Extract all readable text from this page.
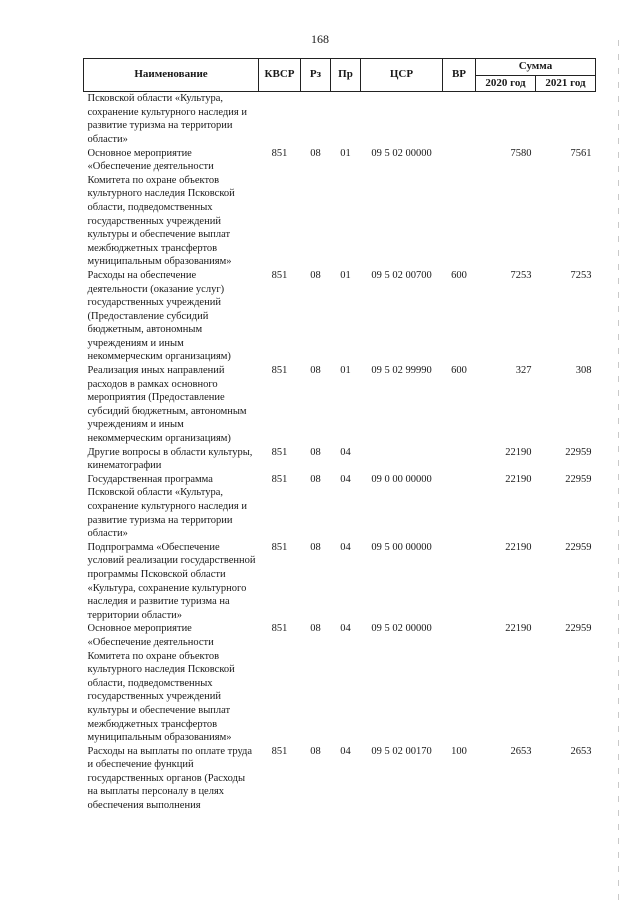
168
Наименование	КВСР	Рз	Пр	ЦСР	ВР	Сумма	
						2020 год	2021 год
Псковской области «Культура, сохранение культурного наследия и развитие туризма на территории области»							
Основное мероприятие «Обеспечение деятельности Комитета по охране объектов культурного наследия Псковской области, подведомственных государственных учреждений культуры и обеспечение выплат межбюджетных трансфертов муниципальным образованиям»	851	08	01	09 5 02 00000		7580	7561
Расходы на обеспечение деятельности (оказание услуг) государственных учреждений (Предоставление субсидий бюджетным, автономным учреждениям и иным некоммерческим организациям)	851	08	01	09 5 02 00700	600	7253	7253
Реализация иных направлений расходов в рамках основного мероприятия (Предоставление субсидий бюджетным, автономным учреждениям и иным некоммерческим организациям)	851	08	01	09 5 02 99990	600	327	308
Другие вопросы в области культуры, кинематографии	851	08	04			22190	22959
Государственная программа Псковской области «Культура, сохранение культурного наследия и развитие туризма на территории области»	851	08	04	09 0 00 00000		22190	22959
Подпрограмма «Обеспечение условий реализации государственной программы Псковской области «Культура, сохранение культурного наследия и развитие туризма на территории области»	851	08	04	09 5 00 00000		22190	22959
Основное мероприятие «Обеспечение деятельности Комитета по охране объектов культурного наследия Псковской области, подведомственных государственных учреждений культуры и обеспечение выплат межбюджетных трансфертов муниципальным образованиям»	851	08	04	09 5 02 00000		22190	22959
Расходы на выплаты по оплате труда и обеспечение функций государственных органов (Расходы на выплаты персоналу в целях обеспечения выполнения	851	08	04	09 5 02 00170	100	2653	2653
